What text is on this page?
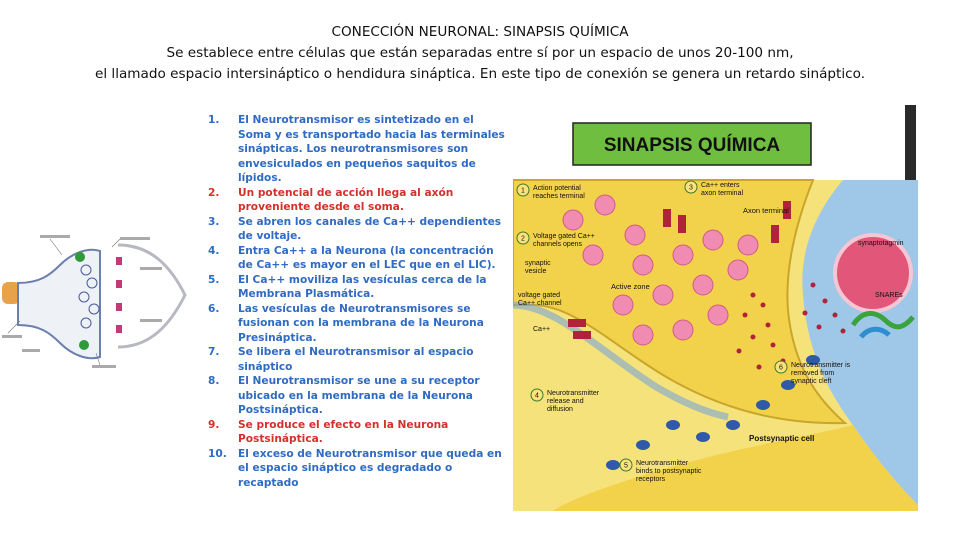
CONECCIÓN NEURONAL: SINAPSIS QUÍMICA
Se establece entre células que están separadas entre sí por un espacio de unos 20-100 nm,
el llamado espacio intersináptico o hendidura sináptica. En este tipo de conexión se genera un retardo sináptico.
1. El Neurotransmisor es sintetizado en el Soma y es transportado hacia las terminales sinápticas. Los neurotransmisores son envesiculados en pequeños saquitos de lípidos.
2. Un potencial de acción llega al axón proveniente desde el soma.
3. Se abren los canales de Ca++ dependientes de voltaje.
4. Entra Ca++ a la Neurona (la concentración de Ca++ es mayor en el LEC que en el LIC).
5. El Ca++ moviliza las vesículas cerca de la Membrana Plasmática.
6. Las vesículas de Neurotransmisores se fusionan con la membrana de la Neurona Presináptica.
7. Se libera el Neurotransmisor al espacio sináptico
8. El Neurotransmisor se une a su receptor ubicado en la membrana de la Neurona Postsináptica.
9. Se produce el efecto en la Neurona Postsináptica.
10. El exceso de Neurotransmisor que queda en el espacio sináptico es degradado o recaptado
SINAPSIS QUÍMICA
1 Action potential
reaches terminal
2 Voltage gated Ca++
channels opens
3 Ca++ enters
axon terminal
Axon terminal
synaptotagmin
synaptic
vesicle
Active zone
voltage gated
Ca++ channel
Ca++
SNAREs
6 Neurotransmitter is
removed from
synaptic cleft
4 Neurotransmitter
release and
diffusion
Postsynaptic cell
5 Neurotransmitter
binds to postsynaptic
receptors
